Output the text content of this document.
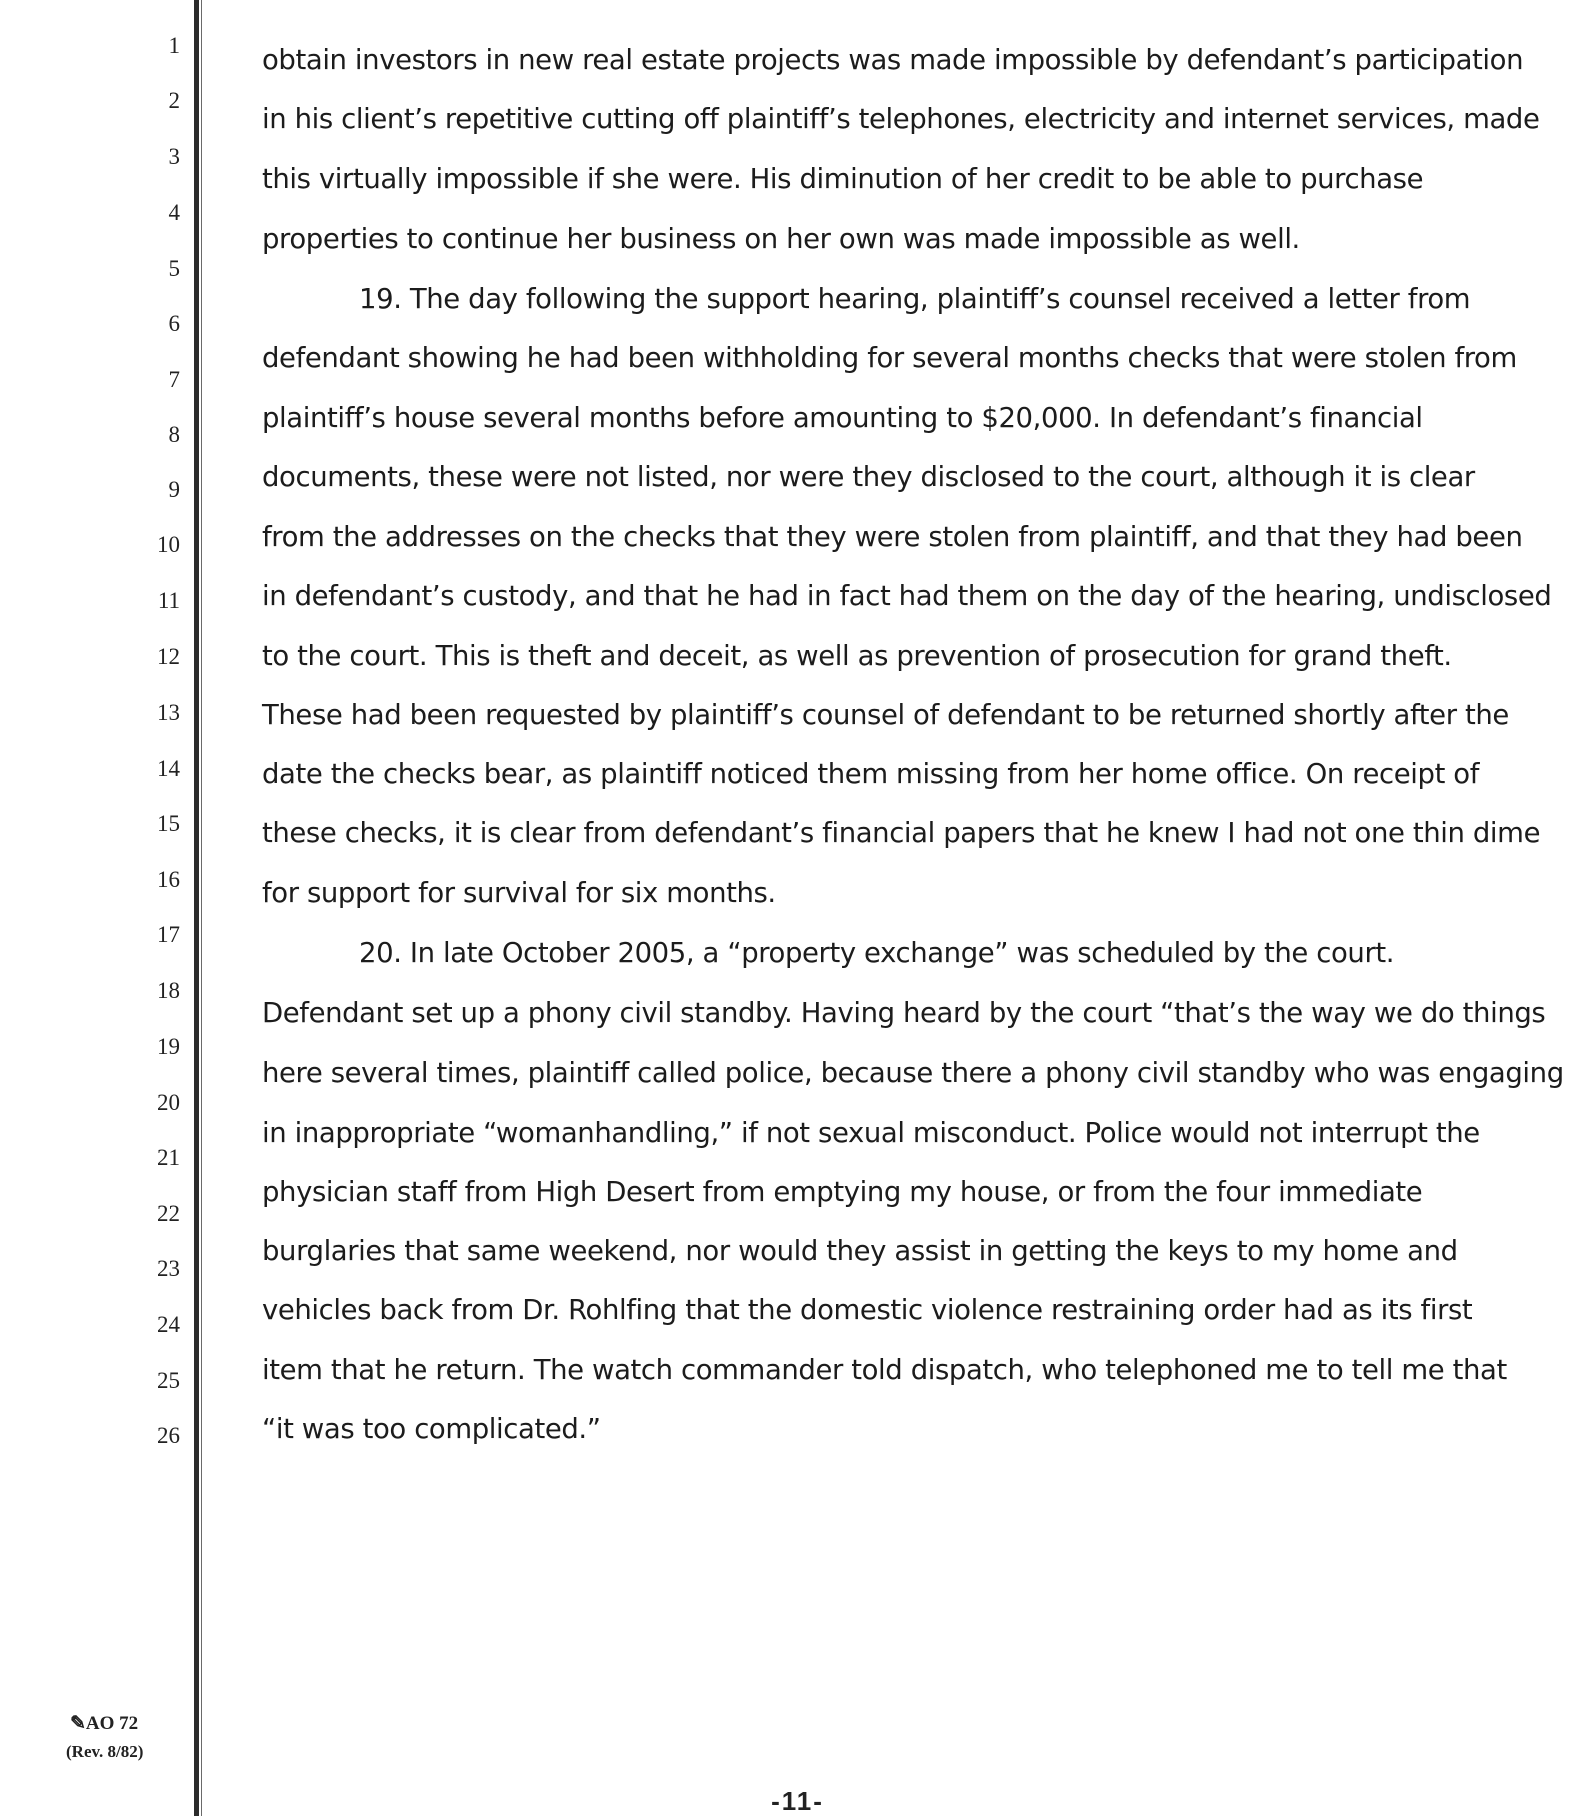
1
2
3
4
5
6
7
8
9
10
11
12
13
14
15
16
17
18
19
20
21
22
23
24
25
26
obtain investors in new real estate projects was made impossible by defendant’s participation
in his client’s repetitive cutting off plaintiff’s telephones, electricity and internet services, made
this virtually impossible if she were. His diminution of her credit to be able to purchase
properties to continue her business on her own was made impossible as well.
19. The day following the support hearing, plaintiff’s counsel received a letter from
defendant showing he had been withholding for several months checks that were stolen from
plaintiff’s house several months before amounting to $20,000. In defendant’s financial
documents, these were not listed, nor were they disclosed to the court, although it is clear
from the addresses on the checks that they were stolen from plaintiff, and that they had been
in defendant’s custody, and that he had in fact had them on the day of the hearing, undisclosed
to the court. This is theft and deceit, as well as prevention of prosecution for grand theft.
These had been requested by plaintiff’s counsel of defendant to be returned shortly after the
date the checks bear, as plaintiff noticed them missing from her home office. On receipt of
these checks, it is clear from defendant’s financial papers that he knew I had not one thin dime
for support for survival for six months.
20. In late October 2005, a “property exchange” was scheduled by the court.
Defendant set up a phony civil standby. Having heard by the court “that’s the way we do things
here several times, plaintiff called police, because there a phony civil standby who was engaging
in inappropriate “womanhandling,” if not sexual misconduct. Police would not interrupt the
physician staff from High Desert from emptying my house, or from the four immediate
burglaries that same weekend, nor would they assist in getting the keys to my home and
vehicles back from Dr. Rohlfing that the domestic violence restraining order had as its first
item that he return. The watch commander told dispatch, who telephoned me to tell me that
“it was too complicated.”
✎AO 72
(Rev. 8/82)
-11-
